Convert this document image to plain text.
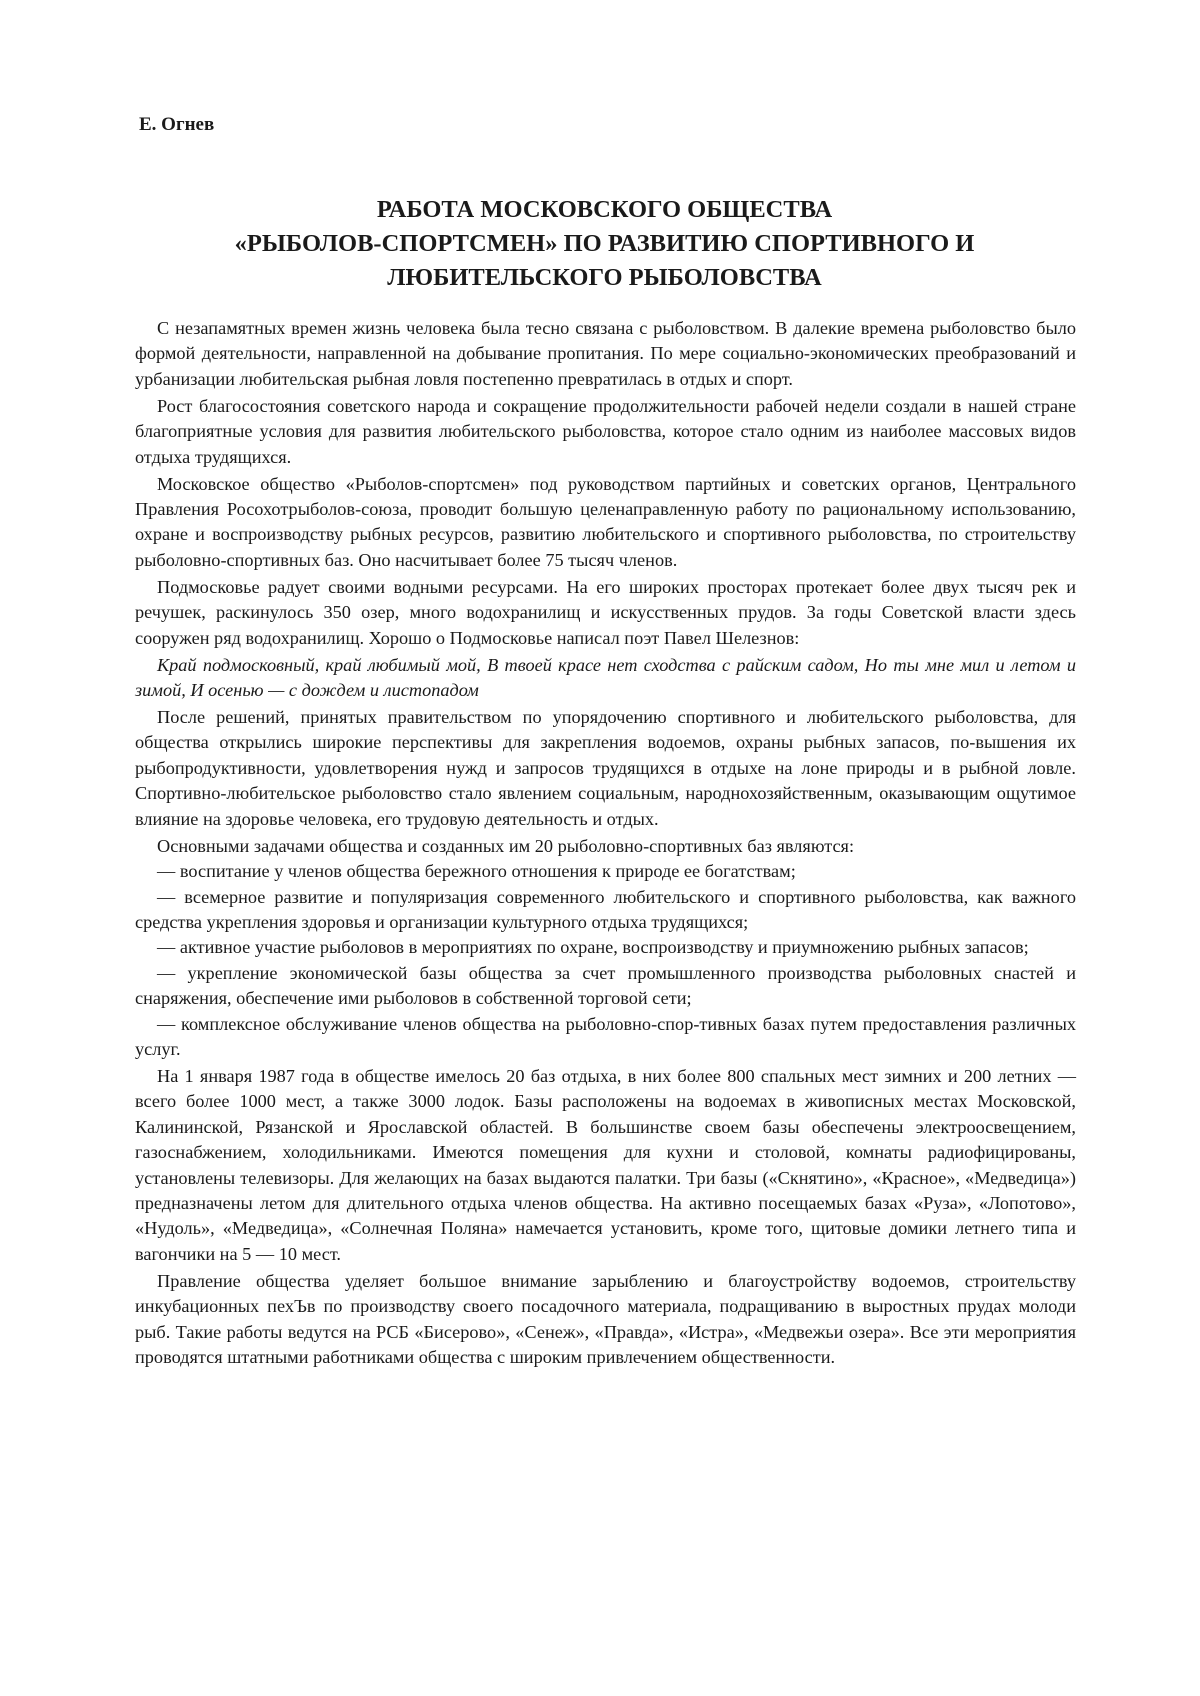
Е. Огнев
РАБОТА МОСКОВСКОГО ОБЩЕСТВА
«РЫБОЛОВ-СПОРТСМЕН» ПО РАЗВИТИЮ СПОРТИВНОГО И
ЛЮБИТЕЛЬСКОГО РЫБОЛОВСТВА

С незапамятных времен жизнь человека была тесно связана с рыболовством. В далекие времена рыболовство было формой деятельности, направленной на добывание пропитания. По мере социально-экономических преобразований и урбанизации любительская рыбная ловля постепенно превратилась в отдых и спорт.

Рост благосостояния советского народа и сокращение продолжительности рабочей недели создали в нашей стране благоприятные условия для развития любительского рыболовства, которое стало одним из наиболее массовых видов отдыха трудящихся.

Московское общество «Рыболов-спортсмен» под руководством партийных и советских органов, Центрального Правления Росохотрыболов-союза, проводит большую целенаправленную работу по рациональному использованию, охране и воспроизводству рыбных ресурсов, развитию любительского и спортивного рыболовства, по строительству рыболовно-спортивных баз. Оно насчитывает более 75 тысяч членов.

Подмосковье радует своими водными ресурсами. На его широких просторах протекает более двух тысяч рек и речушек, раскинулось 350 озер, много водохранилищ и искусственных прудов. За годы Советской власти здесь сооружен ряд водохранилищ. Хорошо о Подмосковье написал поэт Павел Шелезнов:

Край подмосковный, край любимый мой, В твоей красе нет сходства с райским садом, Но ты мне мил и летом и зимой, И осенью — с дождем и листопадом

После решений, принятых правительством по упорядочению спортивного и любительского рыболовства, для общества открылись широкие перспективы для закрепления водоемов, охраны рыбных запасов, по-вышения их рыбопродуктивности, удовлетворения нужд и запросов трудящихся в отдыхе на лоне природы и в рыбной ловле. Спортивно-любительское рыболовство стало явлением социальным, народнохозяйственным, оказывающим ощутимое влияние на здоровье человека, его трудовую деятельность и отдых.

Основными задачами общества и созданных им 20 рыболовно-спортивных баз являются:

— воспитание у членов общества бережного отношения к природе ее богатствам;

— всемерное развитие и популяризация современного любительского и спортивного рыболовства, как важного средства укрепления здоровья и организации культурного отдыха трудящихся;

— активное участие рыболовов в мероприятиях по охране, воспроизводству и приумножению рыбных запасов;

— укрепление экономической базы общества за счет промышленного производства рыболовных снастей и снаряжения, обеспечение ими рыболовов в собственной торговой сети;

— комплексное обслуживание членов общества на рыболовно-спор-тивных базах путем предоставления различных услуг.

На 1 января 1987 года в обществе имелось 20 баз отдыха, в них более 800 спальных мест зимних и 200 летних — всего более 1000 мест, а также 3000 лодок. Базы расположены на водоемах в живописных местах Московской, Калининской, Рязанской и Ярославской областей. В большинстве своем базы обеспечены электроосвещением, газоснабжением, холодильниками. Имеются помещения для кухни и столовой, комнаты радиофицированы, установлены телевизоры. Для желающих на базах выдаются палатки. Три базы («Скнятино», «Красное», «Медведица») предназначены летом для длительного отдыха членов общества. На активно посещаемых базах «Руза», «Лопотово», «Нудоль», «Медведица», «Солнечная Поляна» намечается установить, кроме того, щитовые домики летнего типа и вагончики на 5 — 10 мест.

Правление общества уделяет большое внимание зарыблению и благоустройству водоемов, строительству инкубационных пехЪв по производству своего посадочного материала, подращиванию в выростных прудах молоди рыб. Такие работы ведутся на РСБ «Бисерово», «Сенеж», «Правда», «Истра», «Медвежьи озера». Все эти мероприятия проводятся штатными работниками общества с широким привлечением общественности.
